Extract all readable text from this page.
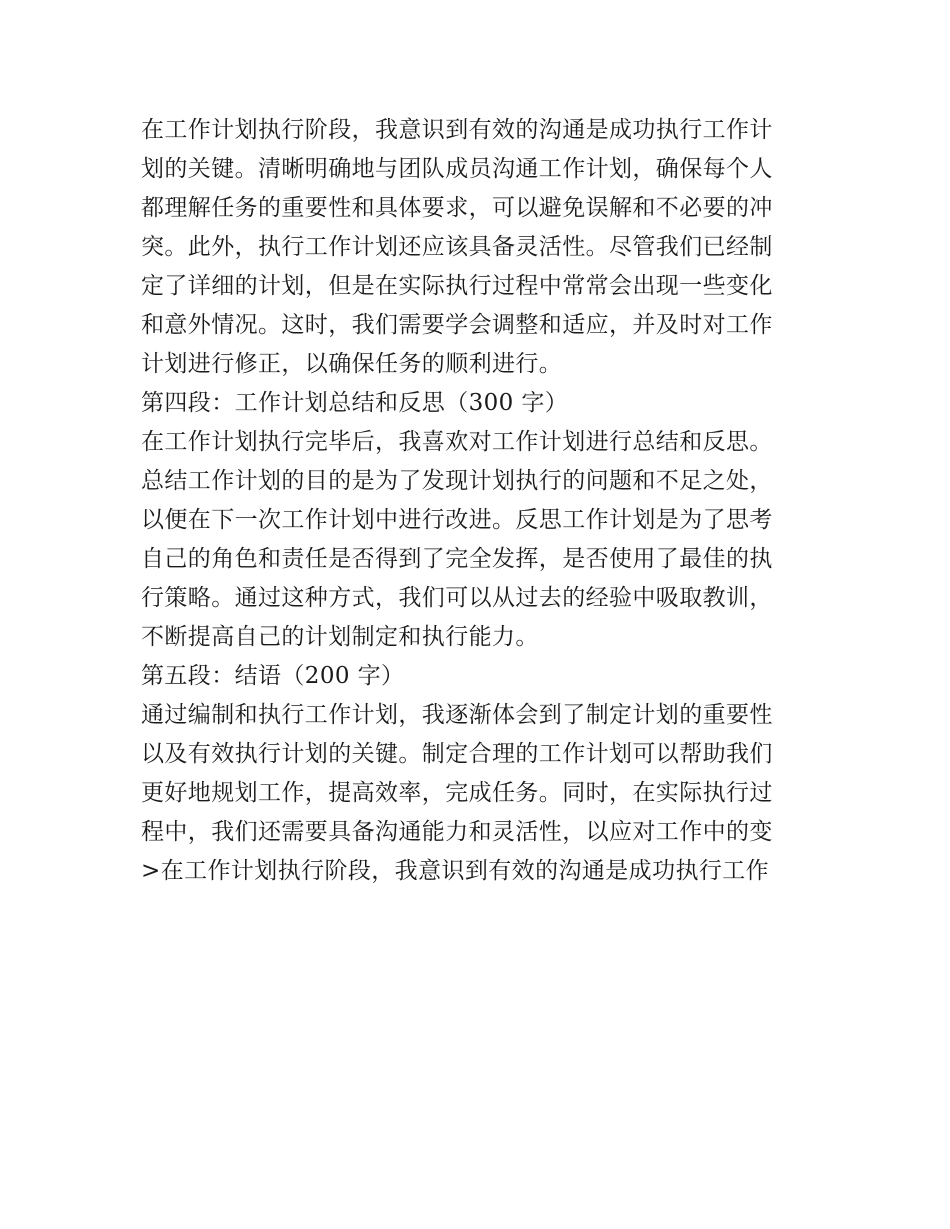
在工作计划执行阶段，我意识到有效的沟通是成功执行工作计
划的关键。清晰明确地与团队成员沟通工作计划，确保每个人
都理解任务的重要性和具体要求，可以避免误解和不必要的冲
突。此外，执行工作计划还应该具备灵活性。尽管我们已经制
定了详细的计划，但是在实际执行过程中常常会出现一些变化
和意外情况。这时，我们需要学会调整和适应，并及时对工作
计划进行修正，以确保任务的顺利进行。
第四段：工作计划总结和反思（300 字）
在工作计划执行完毕后，我喜欢对工作计划进行总结和反思。
总结工作计划的目的是为了发现计划执行的问题和不足之处，
以便在下一次工作计划中进行改进。反思工作计划是为了思考
自己的角色和责任是否得到了完全发挥，是否使用了最佳的执
行策略。通过这种方式，我们可以从过去的经验中吸取教训，
不断提高自己的计划制定和执行能力。
第五段：结语（200 字）
通过编制和执行工作计划，我逐渐体会到了制定计划的重要性
以及有效执行计划的关键。制定合理的工作计划可以帮助我们
更好地规划工作，提高效率，完成任务。同时，在实际执行过
程中，我们还需要具备沟通能力和灵活性，以应对工作中的变
>在工作计划执行阶段，我意识到有效的沟通是成功执行工作
